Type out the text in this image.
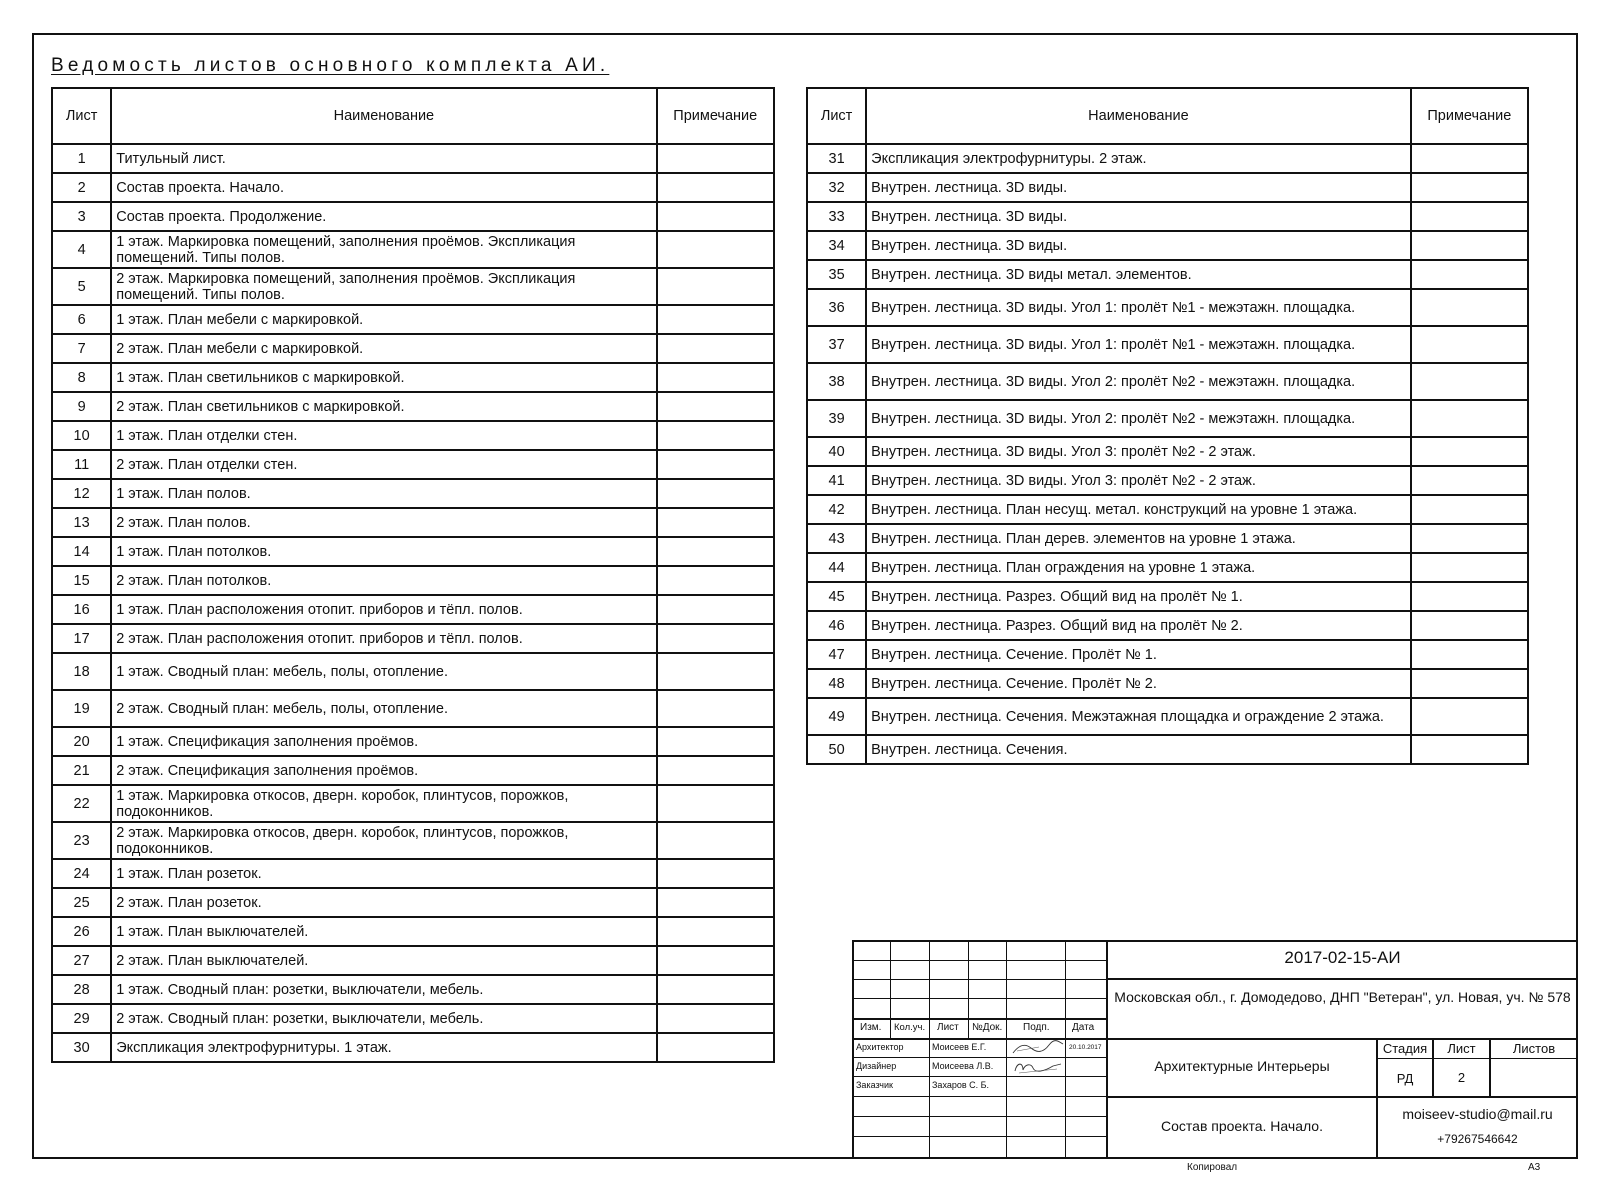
Ведомость листов основного комплекта АИ.
Лист	Наименование	Примечание
1	Титульный лист.	
2	Состав проекта. Начало.	
3	Состав проекта. Продолжение.	
4	1 этаж. Маркировка помещений, заполнения проёмов. Экспликация помещений. Типы полов.	
5	2 этаж. Маркировка помещений, заполнения проёмов. Экспликация помещений. Типы полов.	
6	1 этаж. План мебели с маркировкой.	
7	2 этаж. План мебели с маркировкой.	
8	1 этаж. План светильников с маркировкой.	
9	2 этаж. План светильников с маркировкой.	
10	1 этаж. План отделки стен.	
11	2 этаж. План отделки стен.	
12	1 этаж. План полов.	
13	2 этаж. План полов.	
14	1 этаж. План потолков.	
15	2 этаж. План потолков.	
16	1 этаж. План расположения отопит. приборов и тёпл. полов.	
17	2 этаж. План расположения отопит. приборов и тёпл. полов.	
18	1 этаж. Сводный план: мебель, полы, отопление.	
19	2 этаж. Сводный план: мебель, полы, отопление.	
20	1 этаж. Спецификация заполнения проёмов.	
21	2 этаж. Спецификация заполнения проёмов.	
22	1 этаж. Маркировка откосов, дверн. коробок, плинтусов, порожков, подоконников.	
23	2 этаж. Маркировка откосов, дверн. коробок, плинтусов, порожков, подоконников.	
24	1 этаж. План розеток.	
25	2 этаж. План розеток.	
26	1 этаж. План выключателей.	
27	2 этаж. План выключателей.	
28	1 этаж. Сводный план: розетки, выключатели, мебель.	
29	2 этаж. Сводный план: розетки, выключатели, мебель.	
30	Экспликация электрофурнитуры. 1 этаж.	
Лист	Наименование	Примечание
31	Экспликация электрофурнитуры. 2 этаж.	
32	Внутрен. лестница. 3D виды.	
33	Внутрен. лестница. 3D виды.	
34	Внутрен. лестница. 3D виды.	
35	Внутрен. лестница. 3D виды метал. элементов.	
36	Внутрен. лестница. 3D виды. Угол 1: пролёт №1 - межэтажн. площадка.	
37	Внутрен. лестница. 3D виды. Угол 1: пролёт №1 - межэтажн. площадка.	
38	Внутрен. лестница. 3D виды. Угол 2: пролёт №2 - межэтажн. площадка.	
39	Внутрен. лестница. 3D виды. Угол 2: пролёт №2 - межэтажн. площадка.	
40	Внутрен. лестница. 3D виды. Угол 3: пролёт №2 - 2 этаж.	
41	Внутрен. лестница. 3D виды. Угол 3: пролёт №2 - 2 этаж.	
42	Внутрен. лестница. План несущ. метал. конструкций на уровне 1 этажа.	
43	Внутрен. лестница. План дерев. элементов на уровне 1 этажа.	
44	Внутрен. лестница. План ограждения на уровне 1 этажа.	
45	Внутрен. лестница. Разрез. Общий вид на пролёт № 1.	
46	Внутрен. лестница. Разрез. Общий вид на пролёт № 2.	
47	Внутрен. лестница. Сечение. Пролёт № 1.	
48	Внутрен. лестница. Сечение. Пролёт № 2.	
49	Внутрен. лестница. Сечения. Межэтажная площадка и ограждение 2 этажа.	
50	Внутрен. лестница. Сечения.	
Изм. Кол.уч. Лист №Док. Подп. Дата
Архитектор	Моисеев Е.Г.	20.10.2017
Дизайнер	Моисеева Л.В.
Заказчик	Захаров С. Б.
2017-02-15-АИ
Московская обл., г. Домодедово, ДНП "Ветеран", ул. Новая, уч. № 578
Архитектурные Интерьеры
Состав проекта. Начало.
Стадия	Лист	Листов
РД	2
moiseev-studio@mail.ru
+79267546642
Копировал	А3
